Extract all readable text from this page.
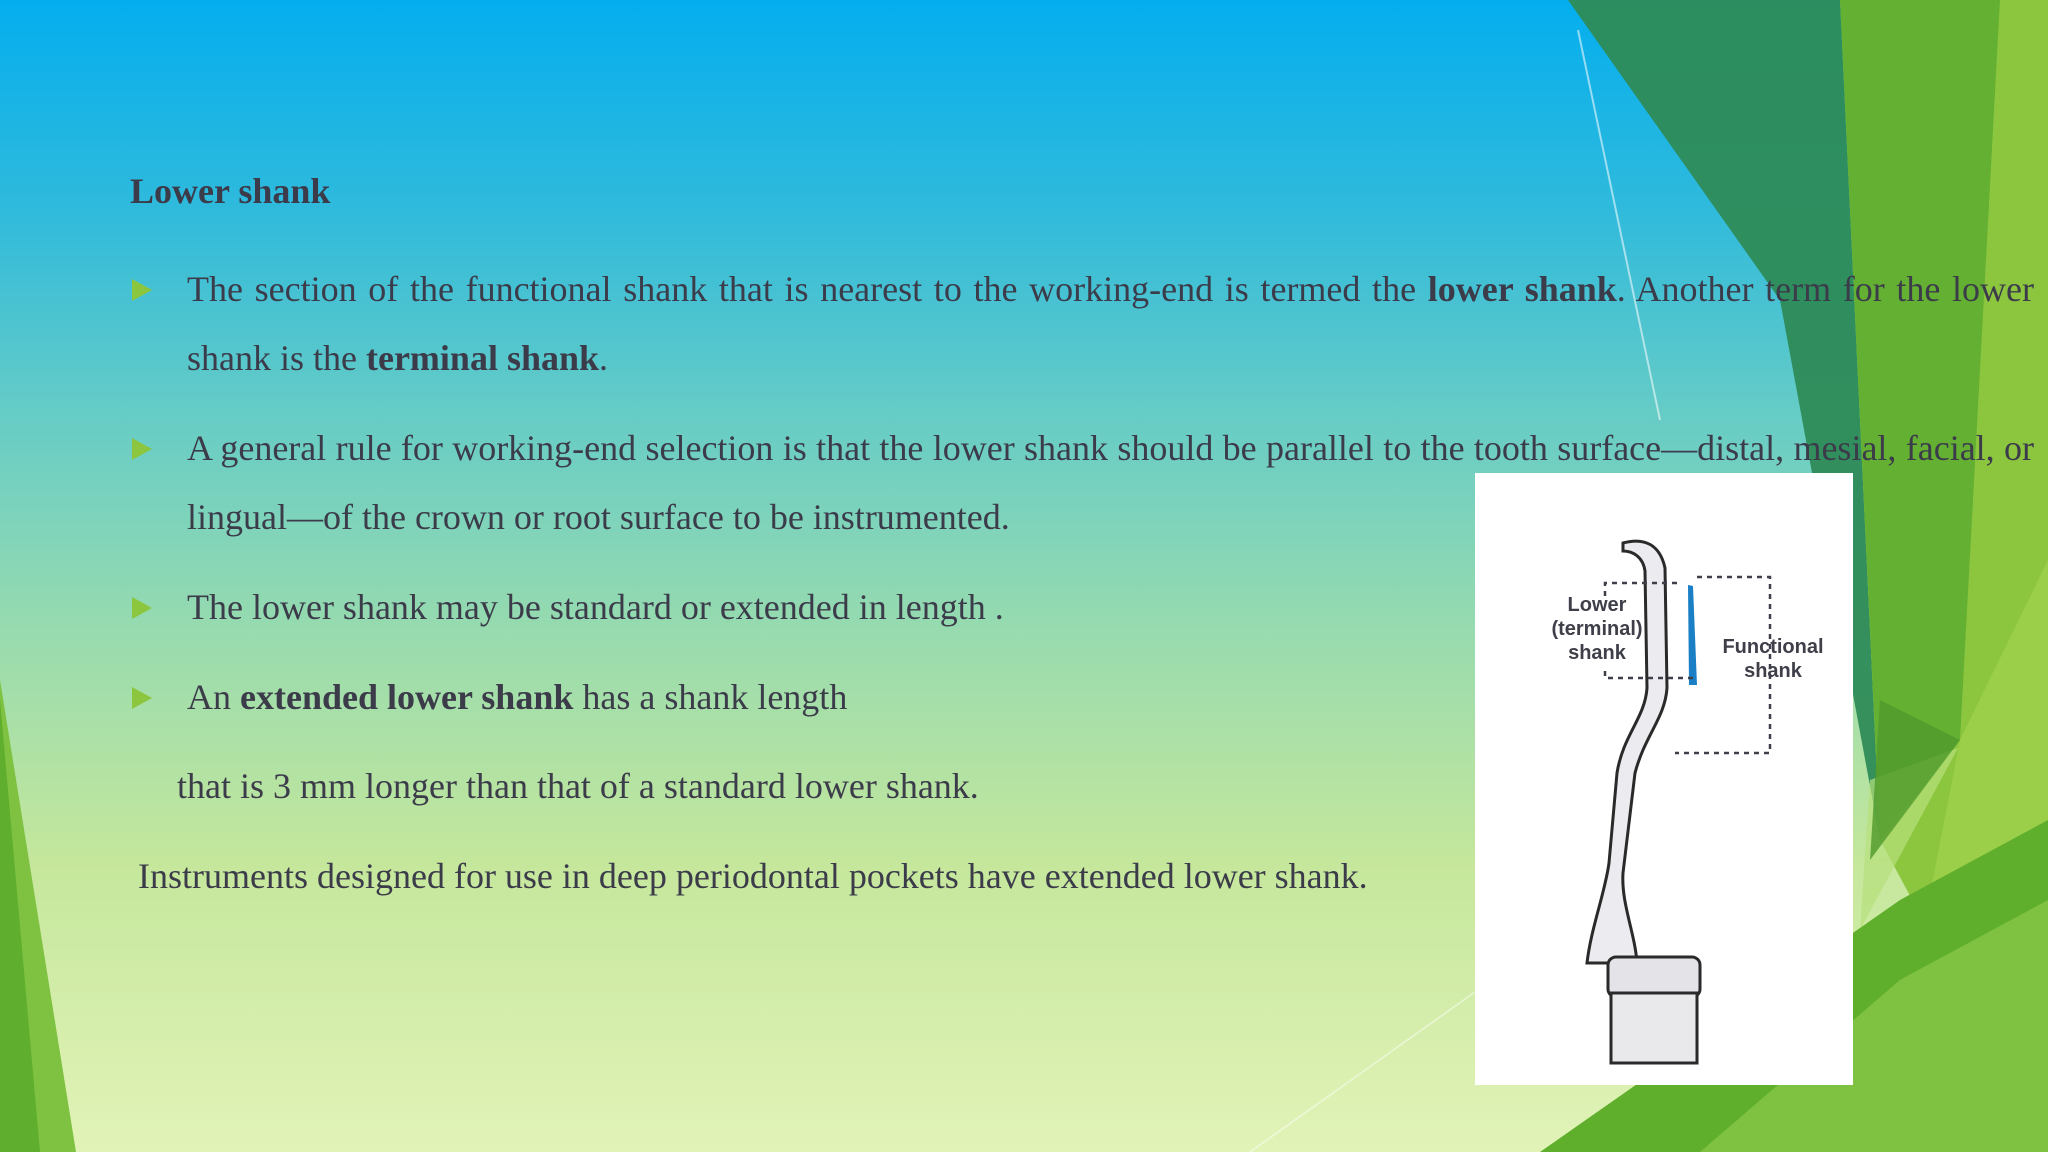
Lower shank
The section of the functional shank that is nearest to the working-end is termed the lower shank. Another term for the lower shank is the terminal shank.
A general rule for working-end selection is that the lower shank should be parallel to the tooth surface—distal, mesial, facial, or lingual—of the crown or root surface to be instrumented.
The lower shank may be standard or extended in length .
An extended lower shank has a shank length
that is 3 mm longer than that of a standard lower shank.
Instruments designed for use in deep periodontal pockets have extended lower shank.
Lower
(terminal)
shank	Functional
shank
